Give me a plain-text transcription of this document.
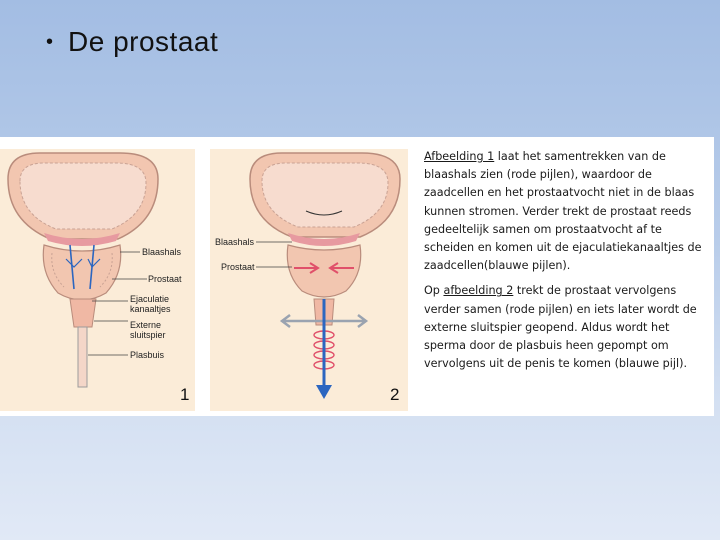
• De prostaat
Blaashals
Prostaat
Ejaculatie
kanaaltjes
Externe
sluitspier
Plasbuis
1
Blaashals
Prostaat
2

Afbeelding 1 laat het samentrekken van de blaashals zien (rode pijlen), waardoor de zaadcellen en het prostaatvocht niet in de blaas kunnen stromen. Verder trekt de prostaat reeds gedeeltelijk samen om prostaatvocht af te scheiden en komen uit de ejaculatiekanaaltjes de zaadcellen(blauwe pijlen).

Op afbeelding 2 trekt de prostaat vervolgens verder samen (rode pijlen) en iets later wordt de externe sluitspier geopend. Aldus wordt het sperma door de plasbuis heen gepompt om vervolgens uit de penis te komen (blauwe pijl).
